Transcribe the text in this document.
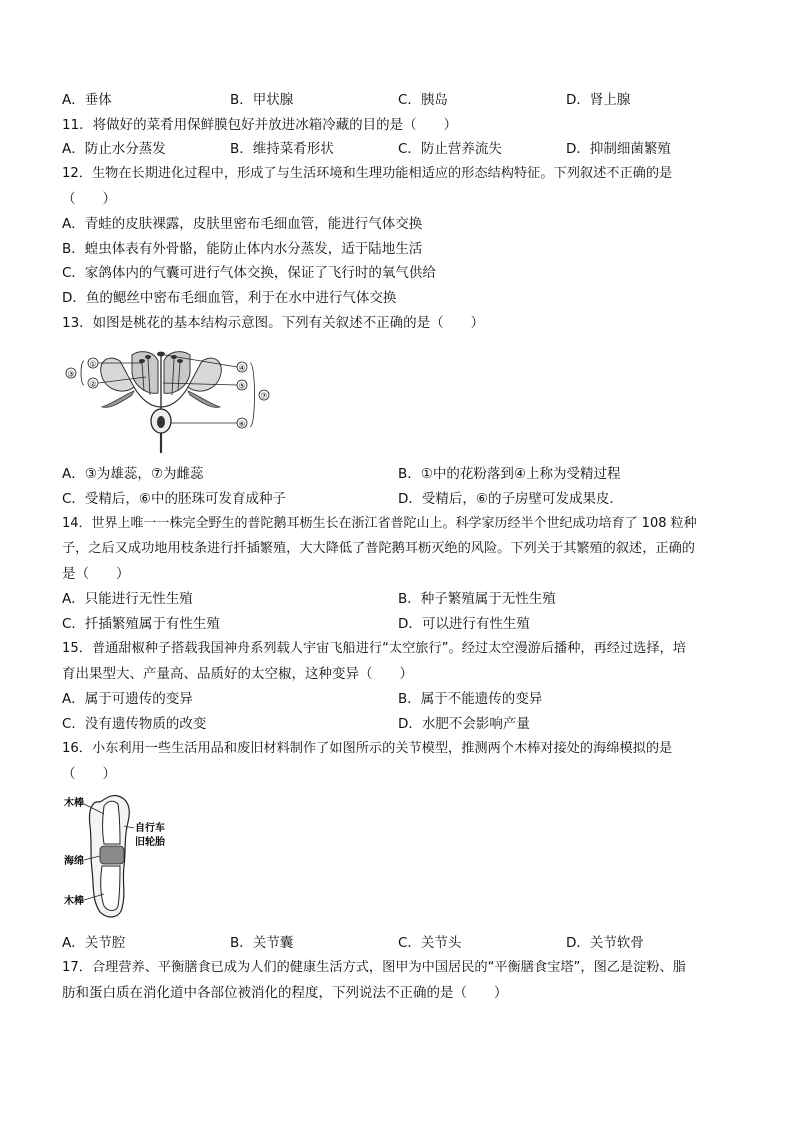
A．垂体	B．甲状腺	C．胰岛	D．肾上腺
11．将做好的菜肴用保鲜膜包好并放进冰箱冷藏的目的是（　　）
A．防止水分蒸发	B．维持菜肴形状	C．防止营养流失	D．抑制细菌繁殖
12．生物在长期进化过程中，形成了与生活环境和生理功能相适应的形态结构特征。下列叙述不正确的是
（　　）
A．青蛙的皮肤裸露，皮肤里密布毛细血管，能进行气体交换
B．蝗虫体表有外骨骼，能防止体内水分蒸发，适于陆地生活
C．家鸽体内的气囊可进行气体交换，保证了飞行时的氧气供给
D．鱼的鳃丝中密布毛细血管，利于在水中进行气体交换
13．如图是桃花的基本结构示意图。下列有关叙述不正确的是（　　）
①
②
③
④
⑤
⑥
⑦
A．③为雄蕊，⑦为雌蕊	B．①中的花粉落到④上称为受精过程
C．受精后，⑥中的胚珠可发育成种子	D．受精后，⑥的子房壁可发成果皮．
14．世界上唯一一株完全野生的普陀鹅耳枥生长在浙江省普陀山上。科学家历经半个世纪成功培育了 108 粒种
子，之后又成功地用枝条进行扦插繁殖，大大降低了普陀鹅耳枥灭绝的风险。下列关于其繁殖的叙述，正确的
是（　　）
A．只能进行无性生殖	B．种子繁殖属于无性生殖
C．扦插繁殖属于有性生殖	D．可以进行有性生殖
15．普通甜椒种子搭载我国神舟系列载人宇宙飞船进行“太空旅行”。经过太空漫游后播种，再经过选择，培
育出果型大、产量高、品质好的太空椒，这种变异（　　）
A．属于可遗传的变异	B．属于不能遗传的变异
C．没有遗传物质的改变	D．水肥不会影响产量
16．小东利用一些生活用品和废旧材料制作了如图所示的关节模型，推测两个木棒对接处的海绵模拟的是
（　　）
木棒
自行车
旧轮胎
海绵
木棒
A．关节腔	B．关节囊	C．关节头	D．关节软骨
17．合理营养、平衡膳食已成为人们的健康生活方式，图甲为中国居民的“平衡膳食宝塔”，图乙是淀粉、脂
肪和蛋白质在消化道中各部位被消化的程度，下列说法不正确的是（　　）
